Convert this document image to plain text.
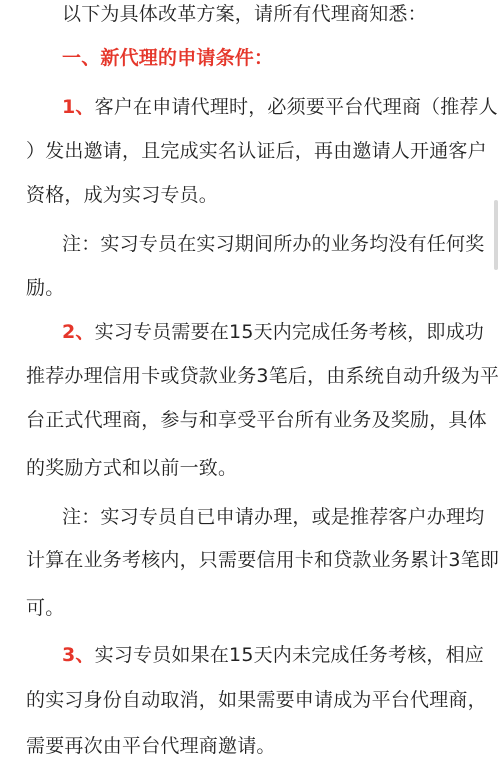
以下为具体改革方案，请所有代理商知悉：
一、新代理的申请条件：
1、客户在申请代理时，必须要平台代理商（推荐人
）发出邀请，且完成实名认证后，再由邀请人开通客户
资格，成为实习专员。
注：实习专员在实习期间所办的业务均没有任何奖
励。
2、实习专员需要在15天内完成任务考核，即成功
推荐办理信用卡或贷款业务3笔后，由系统自动升级为平
台正式代理商，参与和享受平台所有业务及奖励，具体
的奖励方式和以前一致。
注：实习专员自已申请办理，或是推荐客户办理均
计算在业务考核内，只需要信用卡和贷款业务累计3笔即
可。
3、实习专员如果在15天内未完成任务考核，相应
的实习身份自动取消，如果需要申请成为平台代理商，
需要再次由平台代理商邀请。
